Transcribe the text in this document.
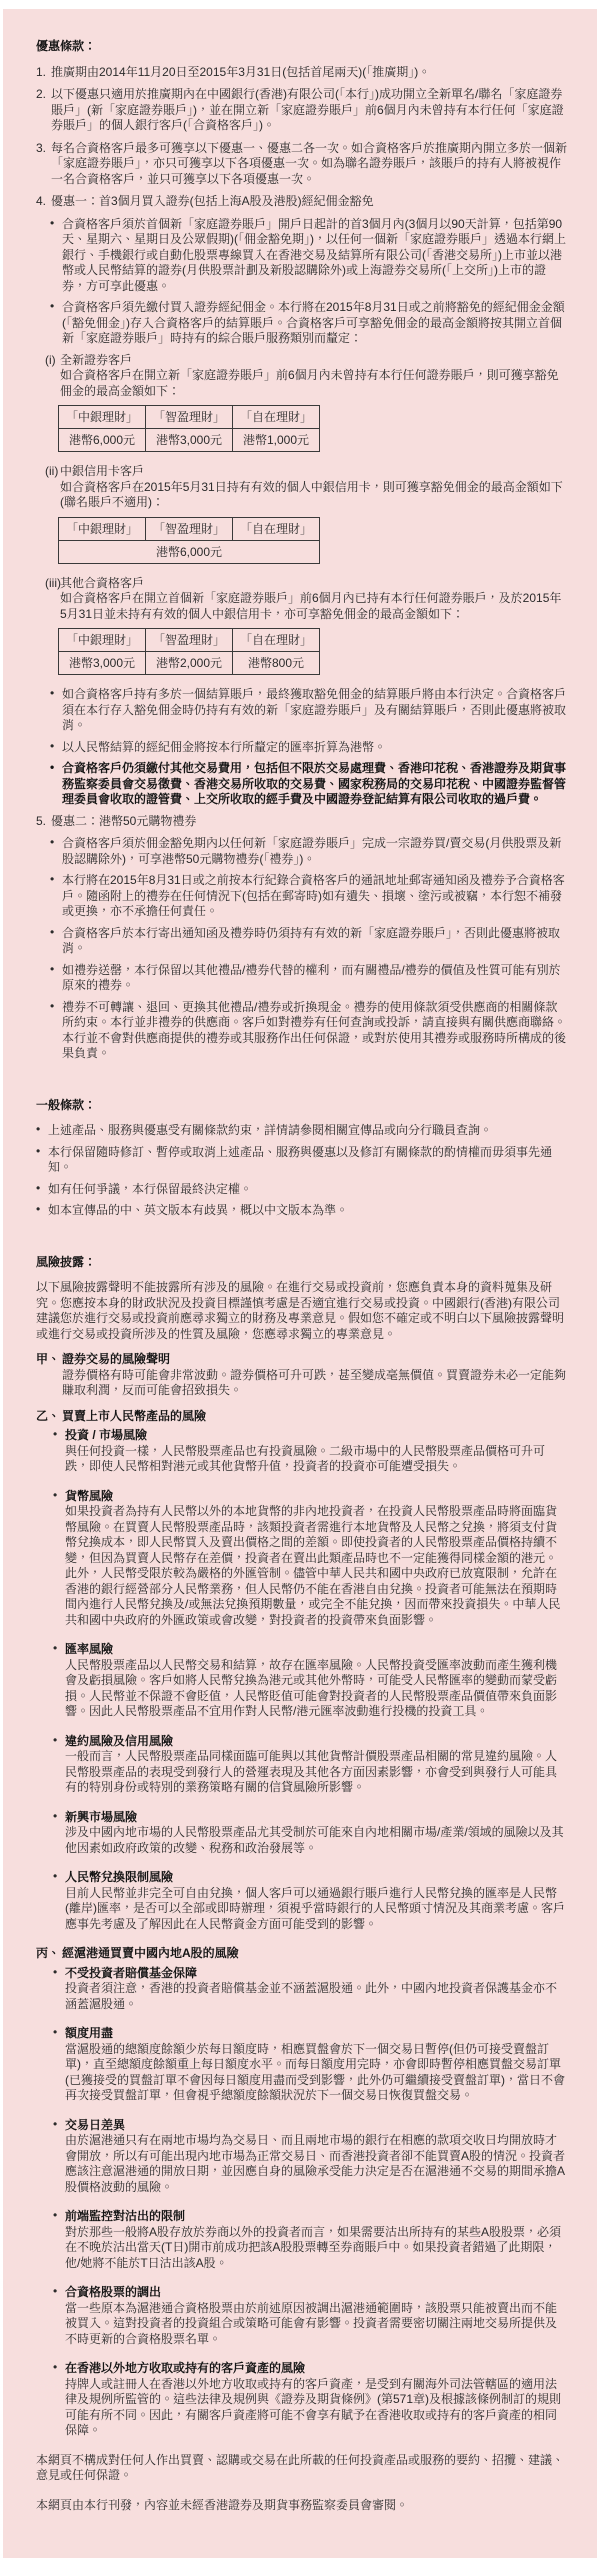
優惠條款：
1. 推廣期由2014年11月20日至2015年3月31日(包括首尾兩天)(「推廣期」)。
2. 以下優惠只適用於推廣期內在中國銀行(香港)有限公司(「本行」)成功開立全新單名/聯名「家庭證券賬戶」(新「家庭證券賬戶」)，並在開立新「家庭證券賬戶」前6個月內未曾持有本行任何「家庭證券賬戶」的個人銀行客戶(「合資格客戶」)。
3. 每名合資格客戶最多可獲享以下優惠一、優惠二各一次。如合資格客戶於推廣期內開立多於一個新「家庭證券賬戶」，亦只可獲享以下各項優惠一次。如為聯名證券賬戶，該賬戶的持有人將被視作一名合資格客戶，並只可獲享以下各項優惠一次。
4. 優惠一：首3個月買入證券(包括上海A股及港股)經紀佣金豁免
• 合資格客戶須於首個新「家庭證券賬戶」開戶日起計的首3個月內(3個月以90天計算，包括第90天、星期六、星期日及公眾假期)(「佣金豁免期」)，以任何一個新「家庭證券賬戶」透過本行網上銀行、手機銀行或自動化股票專線買入在香港交易及結算所有限公司(「香港交易所」)上市並以港幣或人民幣結算的證券(月供股票計劃及新股認購除外)或上海證券交易所(「上交所」)上市的證券，方可享此優惠。
• 合資格客戶須先繳付買入證券經紀佣金。本行將在2015年8月31日或之前將豁免的經紀佣金金額(「豁免佣金」)存入合資格客戶的結算賬戶。合資格客戶可享豁免佣金的最高金額將按其開立首個新「家庭證券賬戶」時持有的綜合賬戶服務類別而釐定：
(i) 全新證券客戶
如合資格客戶在開立新「家庭證券賬戶」前6個月內未曾持有本行任何證券賬戶，則可獲享豁免佣金的最高金額如下：
「中銀理財」	「智盈理財」	「自在理財」
港幣6,000元	港幣3,000元	港幣1,000元
(ii) 中銀信用卡客戶
如合資格客戶在2015年5月31日持有有效的個人中銀信用卡，則可獲享豁免佣金的最高金額如下(聯名賬戶不適用)：
「中銀理財」	「智盈理財」	「自在理財」
港幣6,000元
(iii) 其他合資格客戶
如合資格客戶在開立首個新「家庭證券賬戶」前6個月內已持有本行任何證券賬戶，及於2015年5月31日並未持有有效的個人中銀信用卡，亦可享豁免佣金的最高金額如下：
「中銀理財」	「智盈理財」	「自在理財」
港幣3,000元	港幣2,000元	港幣800元
• 如合資格客戶持有多於一個結算賬戶，最終獲取豁免佣金的結算賬戶將由本行決定。合資格客戶須在本行存入豁免佣金時仍持有有效的新「家庭證券賬戶」及有關結算賬戶，否則此優惠將被取消。
• 以人民幣結算的經紀佣金將按本行所釐定的匯率折算為港幣。
• 合資格客戶仍須繳付其他交易費用，包括但不限於交易處理費、香港印花稅、香港證券及期貨事務監察委員會交易徵費、香港交易所收取的交易費、國家稅務局的交易印花稅、中國證券監督管理委員會收取的證管費、上交所收取的經手費及中國證券登記結算有限公司收取的過戶費。
5. 優惠二：港幣50元購物禮券
• 合資格客戶須於佣金豁免期內以任何新「家庭證券賬戶」完成一宗證券買/賣交易(月供股票及新股認購除外)，可享港幣50元購物禮券(「禮券」)。
• 本行將在2015年8月31日或之前按本行紀錄合資格客戶的通訊地址郵寄通知函及禮券予合資格客戶。隨函附上的禮券在任何情況下(包括在郵寄時)如有遺失、損壞、塗污或被竊，本行恕不補發或更換，亦不承擔任何責任。
• 合資格客戶於本行寄出通知函及禮券時仍須持有有效的新「家庭證券賬戶」，否則此優惠將被取消。
• 如禮券送罄，本行保留以其他禮品/禮券代替的權利，而有關禮品/禮券的價值及性質可能有別於原來的禮券。
• 禮券不可轉讓、退回、更換其他禮品/禮券或折換現金。禮券的使用條款須受供應商的相關條款所約束。本行並非禮券的供應商。客戶如對禮券有任何查詢或投訴，請直接與有關供應商聯絡。本行並不會對供應商提供的禮券或其服務作出任何保證，或對於使用其禮券或服務時所構成的後果負責。
一般條款：
• 上述產品、服務與優惠受有關條款約束，詳情請參閱相關宣傳品或向分行職員查詢。
• 本行保留隨時修訂、暫停或取消上述產品、服務與優惠以及修訂有關條款的酌情權而毋須事先通知。
• 如有任何爭議，本行保留最終決定權。
• 如本宣傳品的中、英文版本有歧異，概以中文版本為準。
風險披露：
以下風險披露聲明不能披露所有涉及的風險。在進行交易或投資前，您應負責本身的資料蒐集及研究。您應按本身的財政狀況及投資目標謹慎考慮是否適宜進行交易或投資。中國銀行(香港)有限公司建議您於進行交易或投資前應尋求獨立的財務及專業意見。假如您不確定或不明白以下風險披露聲明或進行交易或投資所涉及的性質及風險，您應尋求獨立的專業意見。
甲、 證券交易的風險聲明
證券價格有時可能會非常波動。證券價格可升可跌，甚至變成毫無價值。買賣證券未必一定能夠賺取利潤，反而可能會招致損失。
乙、 買賣上市人民幣產品的風險
• 投資 / 市場風險
與任何投資一樣，人民幣股票產品也有投資風險。二級市場中的人民幣股票產品價格可升可跌，即使人民幣相對港元或其他貨幣升值，投資者的投資亦可能遭受損失。
• 貨幣風險
如果投資者為持有人民幣以外的本地貨幣的非內地投資者，在投資人民幣股票產品時將面臨貨幣風險。在買賣人民幣股票產品時，該類投資者需進行本地貨幣及人民幣之兌換，將須支付貨幣兌換成本，即人民幣買入及賣出價格之間的差額。即使投資者的人民幣股票產品價格持續不變，但因為買賣人民幣存在差價，投資者在賣出此類產品時也不一定能獲得同樣金額的港元。此外，人民幣受限於較為嚴格的外匯管制。儘管中華人民共和國中央政府已放寬限制，允許在香港的銀行經營部分人民幣業務，但人民幣仍不能在香港自由兌換。投資者可能無法在預期時間內進行人民幣兌換及/或無法兌換預期數量，或完全不能兌換，因而帶來投資損失。中華人民共和國中央政府的外匯政策或會改變，對投資者的投資帶來負面影響。
• 匯率風險
人民幣股票產品以人民幣交易和結算，故存在匯率風險。人民幣投資受匯率波動而產生獲利機會及虧損風險。客戶如將人民幣兌換為港元或其他外幣時，可能受人民幣匯率的變動而蒙受虧損。人民幣並不保證不會貶值，人民幣貶值可能會對投資者的人民幣股票產品價值帶來負面影響。因此人民幣股票產品不宜用作對人民幣/港元匯率波動進行投機的投資工具。
• 違約風險及信用風險
一般而言，人民幣股票產品同樣面臨可能與以其他貨幣計價股票產品相關的常見違約風險。人民幣股票產品的表現受到發行人的營運表現及其他各方面因素影響，亦會受到與發行人可能具有的特別身份或特別的業務策略有關的信貸風險所影響。
• 新興市場風險
涉及中國內地市場的人民幣股票產品尤其受制於可能來自內地相關市場/產業/領域的風險以及其他因素如政府政策的改變、稅務和政治發展等。
• 人民幣兌換限制風險
目前人民幣並非完全可自由兌換，個人客戶可以通過銀行賬戶進行人民幣兌換的匯率是人民幣(離岸)匯率，是否可以全部或即時辦理，須視乎當時銀行的人民幣頭寸情況及其商業考慮。客戶應事先考慮及了解因此在人民幣資金方面可能受到的影響。
丙、 經滬港通買賣中國內地A股的風險
• 不受投資者賠償基金保障
投資者須注意，香港的投資者賠償基金並不涵蓋滬股通。此外，中國內地投資者保護基金亦不涵蓋滬股通。
• 額度用盡
當滬股通的總額度餘額少於每日額度時，相應買盤會於下一個交易日暫停(但仍可接受賣盤訂單)，直至總額度餘額重上每日額度水平。而每日額度用完時，亦會即時暫停相應買盤交易訂單(已獲接受的買盤訂單不會因每日額度用盡而受到影響，此外仍可繼續接受賣盤訂單)，當日不會再次接受買盤訂單，但會視乎總額度餘額狀況於下一個交易日恢復買盤交易。
• 交易日差異
由於滬港通只有在兩地市場均為交易日、而且兩地市場的銀行在相應的款項交收日均開放時才會開放，所以有可能出現內地市場為正常交易日、而香港投資者卻不能買賣A股的情況。投資者應該注意滬港通的開放日期，並因應自身的風險承受能力決定是否在滬港通不交易的期間承擔A股價格波動的風險。
• 前端監控對沽出的限制
對於那些一般將A股存放於券商以外的投資者而言，如果需要沽出所持有的某些A股股票，必須在不晚於沽出當天(T日)開市前成功把該A股股票轉至券商賬戶中。如果投資者錯過了此期限，他/她將不能於T日沽出該A股。
• 合資格股票的調出
當一些原本為滬港通合資格股票由於前述原因被調出滬港通範圍時，該股票只能被賣出而不能被買入。這對投資者的投資組合或策略可能會有影響。投資者需要密切關注兩地交易所提供及不時更新的合資格股票名單。
• 在香港以外地方收取或持有的客戶資產的風險
持牌人或註冊人在香港以外地方收取或持有的客戶資產，是受到有關海外司法管轄區的適用法律及規例所監管的。這些法律及規例與《證券及期貨條例》(第571章)及根據該條例制訂的規則可能有所不同。因此，有關客戶資產將可能不會享有賦予在香港收取或持有的客戶資產的相同保障。
本網頁不構成對任何人作出買賣、認購或交易在此所載的任何投資產品或服務的要約、招攬、建議、意見或任何保證。
本網頁由本行刊發，內容並未經香港證券及期貨事務監察委員會審閱。
